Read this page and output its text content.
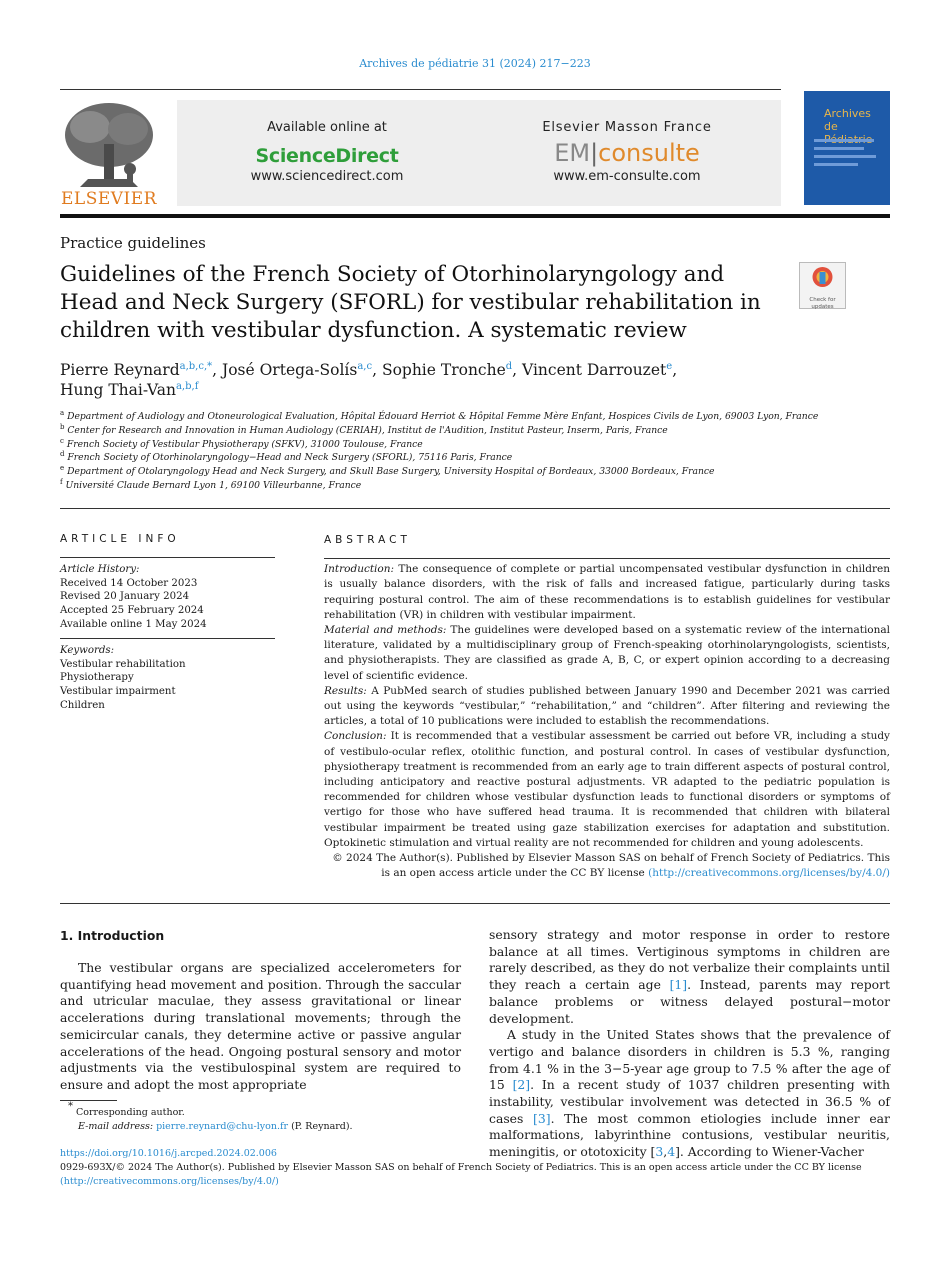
Archives de pédiatrie 31 (2024) 217−223
ELSEVIER
Available online at
ScienceDirect
www.sciencedirect.com
Elsevier Masson France
EM|consulte
www.em-consulte.com
Archives de
Practice guidelines
Guidelines of the French Society of Otorhinolaryngology and Head and Neck Surgery (SFORL) for vestibular rehabilitation in children with vestibular dysfunction. A systematic review
Check for updates
Pierre Reynard$^{a,b,c,*}$, José Ortega-Solís$^{a,c}$, Sophie Tronche$^d$, Vincent Darrouzet$^e$,
Hung Thai-Van$^{a,b,f}$
$^a$ Department of Audiology and Otoneurological Evaluation, Hôpital Édouard Herriot & Hôpital Femme Mère Enfant, Hospices Civils de Lyon, 69003 Lyon, France
$^b$ Center for Research and Innovation in Human Audiology (CERIAH), Institut de l'Audition, Institut Pasteur, Inserm, Paris, France
$^c$ French Society of Vestibular Physiotherapy (SFKV), 31000 Toulouse, France
$^d$ French Society of Otorhinolaryngology−Head and Neck Surgery (SFORL), 75116 Paris, France
$^e$ Department of Otolaryngology Head and Neck Surgery, and Skull Base Surgery, University Hospital of Bordeaux, 33000 Bordeaux, France
$^f$ Université Claude Bernard Lyon 1, 69100 Villeurbanne, France
ARTICLE INFO
Article History:
Received 14 October 2023
Revised 20 January 2024
Accepted 25 February 2024
Available online 1 May 2024
Keywords:
Vestibular rehabilitation
Physiotherapy
Vestibular impairment
Children
ABSTRACT
Introduction: The consequence of complete or partial uncompensated vestibular dysfunction in children is usually balance disorders, with the risk of falls and increased fatigue, particularly during tasks requiring postural control. The aim of these recommendations is to establish guidelines for vestibular rehabilitation (VR) in children with vestibular impairment.
Material and methods: The guidelines were developed based on a systematic review of the international literature, validated by a multidisciplinary group of French-speaking otorhinolaryngologists, scientists, and physiotherapists. They are classified as grade A, B, C, or expert opinion according to a decreasing level of scientific evidence.
Results: A PubMed search of studies published between January 1990 and December 2021 was carried out using the keywords “vestibular,” “rehabilitation,” and “children”. After filtering and reviewing the articles, a total of 10 publications were included to establish the recommendations.
Conclusion: It is recommended that a vestibular assessment be carried out before VR, including a study of vestibulo-ocular reflex, otolithic function, and postural control. In cases of vestibular dysfunction, physiotherapy treatment is recommended from an early age to train different aspects of postural control, including anticipatory and reactive postural adjustments. VR adapted to the pediatric population is recommended for children whose vestibular dysfunction leads to functional disorders or symptoms of vertigo for those who have suffered head trauma. It is recommended that children with bilateral vestibular impairment be treated using gaze stabilization exercises for adaptation and substitution. Optokinetic stimulation and virtual reality are not recommended for children and young adolescents.
© 2024 The Author(s). Published by Elsevier Masson SAS on behalf of French Society of Pediatrics. This is an open access article under the CC BY license (http://creativecommons.org/licenses/by/4.0/)
1. Introduction
The vestibular organs are specialized accelerometers for quantifying head movement and position. Through the saccular and utricular maculae, they assess gravitational or linear accelerations during translational movements; through the semicircular canals, they determine active or passive angular accelerations of the head. Ongoing postural sensory and motor adjustments via the vestibulospinal system are required to ensure and adopt the most appropriate
sensory strategy and motor response in order to restore balance at all times. Vertiginous symptoms in children are rarely described, as they do not verbalize their complaints until they reach a certain age [1]. Instead, parents may report balance problems or witness delayed postural−motor development.
A study in the United States shows that the prevalence of vertigo and balance disorders in children is 5.3 %, ranging from 4.1 % in the 3−5-year age group to 7.5 % after the age of 15 [2]. In a recent study of 1037 children presenting with instability, vestibular involvement was detected in 36.5 % of cases [3]. The most common etiologies include inner ear malformations, labyrinthine contusions, vestibular neuritis, meningitis, or ototoxicity [3,4]. According to Wiener-Vacher
* Corresponding author.
E-mail address: pierre.reynard@chu-lyon.fr (P. Reynard).
https://doi.org/10.1016/j.arcped.2024.02.006
0929-693X/© 2024 The Author(s). Published by Elsevier Masson SAS on behalf of French Society of Pediatrics. This is an open access article under the CC BY license
(http://creativecommons.org/licenses/by/4.0/)
